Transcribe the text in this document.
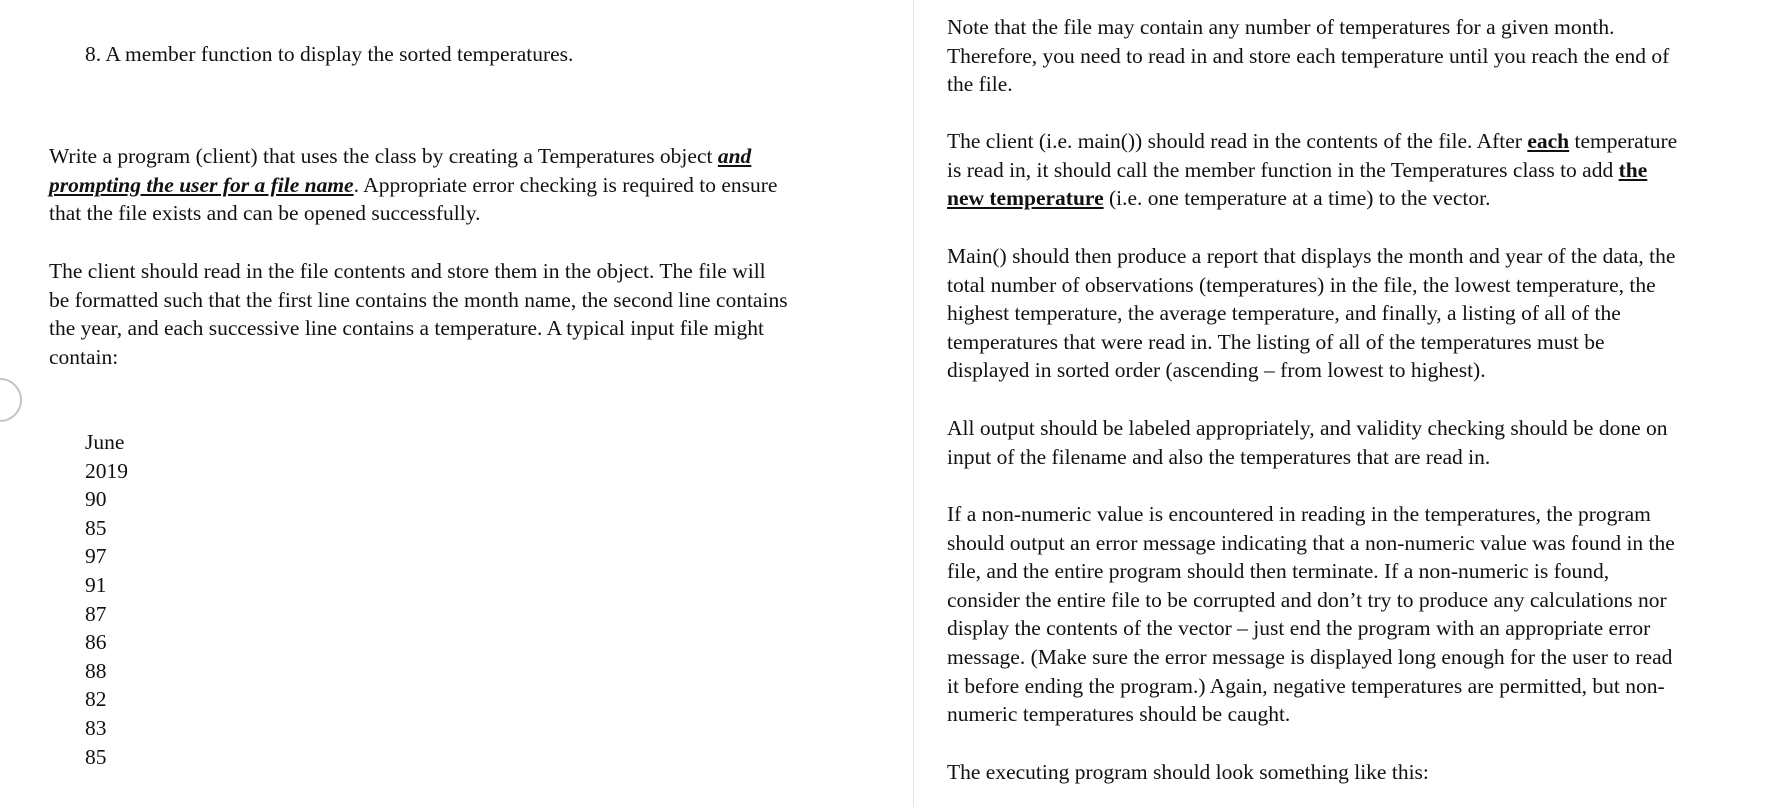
8. A member function to display the sorted temperatures.

Write a program (client) that uses the class by creating a Temperatures object and
prompting the user for a file name. Appropriate error checking is required to ensure
that the file exists and can be opened successfully.

The client should read in the file contents and store them in the object. The file will
be formatted such that the first line contains the month name, the second line contains
the year, and each successive line contains a temperature. A typical input file might
contain:

June
2019
90
85
97
91
87
86
88
82
83
85

Note that the file may contain any number of temperatures for a given month.
Therefore, you need to read in and store each temperature until you reach the end of
the file.

The client (i.e. main()) should read in the contents of the file. After each temperature
is read in, it should call the member function in the Temperatures class to add the
new temperature (i.e. one temperature at a time) to the vector.

Main() should then produce a report that displays the month and year of the data, the
total number of observations (temperatures) in the file, the lowest temperature, the
highest temperature, the average temperature, and finally, a listing of all of the
temperatures that were read in. The listing of all of the temperatures must be
displayed in sorted order (ascending – from lowest to highest).

All output should be labeled appropriately, and validity checking should be done on
input of the filename and also the temperatures that are read in.

If a non-numeric value is encountered in reading in the temperatures, the program
should output an error message indicating that a non-numeric value was found in the
file, and the entire program should then terminate. If a non-numeric is found,
consider the entire file to be corrupted and don’t try to produce any calculations nor
display the contents of the vector – just end the program with an appropriate error
message. (Make sure the error message is displayed long enough for the user to read
it before ending the program.) Again, negative temperatures are permitted, but non-
numeric temperatures should be caught.

The executing program should look something like this:
